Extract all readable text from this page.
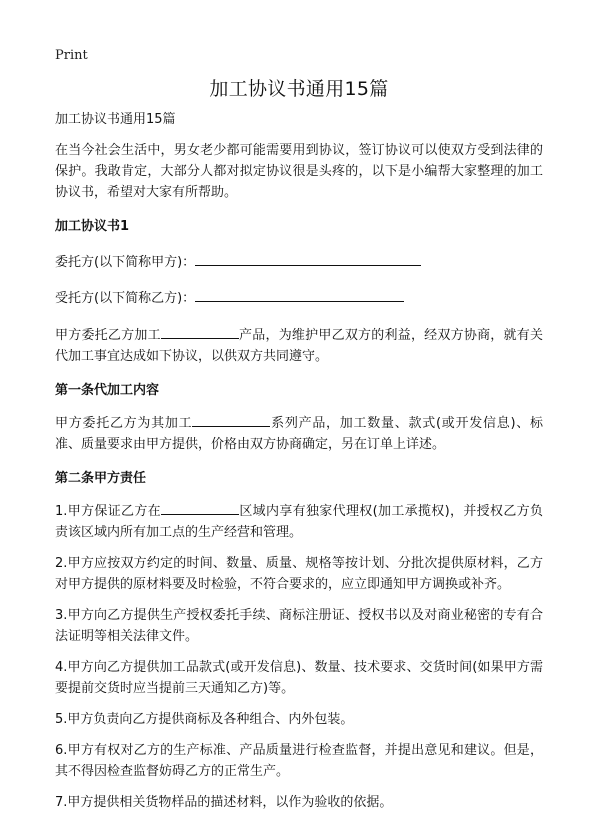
Print
加工协议书通用15篇
加工协议书通用15篇

在当今社会生活中，男女老少都可能需要用到协议，签订协议可以使双方受到法律的保护。我敢肯定，大部分人都对拟定协议很是头疼的，以下是小编帮大家整理的加工协议书，希望对大家有所帮助。

加工协议书1
委托方(以下简称甲方)：
受托方(以下简称乙方)：

甲方委托乙方加工	产品，为维护甲乙双方的利益，经双方协商，就有关代加工事宜达成如下协议，以供双方共同遵守。

第一条代加工内容

甲方委托乙方为其加工	系列产品，加工数量、款式(或开发信息)、标准、质量要求由甲方提供，价格由双方协商确定，另在订单上详述。

第二条甲方责任

1.甲方保证乙方在	区域内享有独家代理权(加工承揽权)，并授权乙方负责该区域内所有加工点的生产经营和管理。

2.甲方应按双方约定的时间、数量、质量、规格等按计划、分批次提供原材料，乙方对甲方提供的原材料要及时检验，不符合要求的，应立即通知甲方调换或补齐。

3.甲方向乙方提供生产授权委托手续、商标注册证、授权书以及对商业秘密的专有合法证明等相关法律文件。

4.甲方向乙方提供加工品款式(或开发信息)、数量、技术要求、交货时间(如果甲方需要提前交货时应当提前三天通知乙方)等。

5.甲方负责向乙方提供商标及各种组合、内外包装。

6.甲方有权对乙方的生产标准、产品质量进行检查监督，并提出意见和建议。但是，其不得因检查监督妨碍乙方的正常生产。

7.甲方提供相关货物样品的描述材料，以作为验收的依据。
